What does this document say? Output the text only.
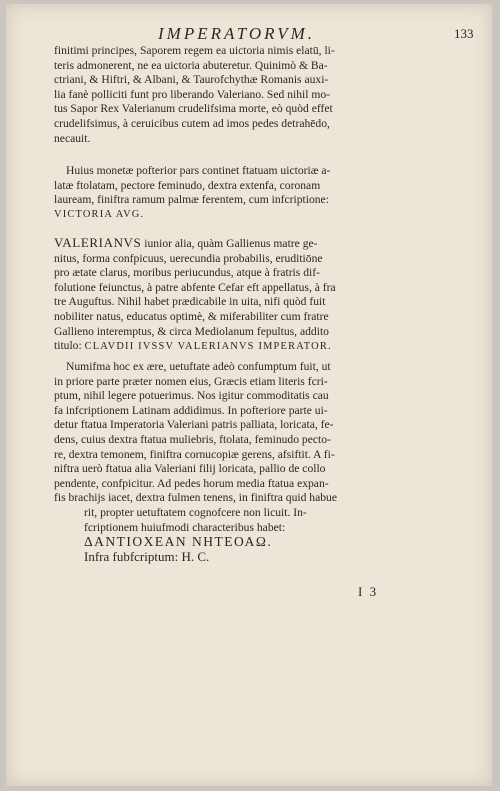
IMPERATORVM.	133
finitimi principes, Saporem regem ea uictoria nimis elatū, li-
teris admonerent, ne ea uictoria abuteretur. Quinimò & Ba-
ctriani, & Hiftri, & Albani, & Taurofchythæ Romanis auxi-
lia fanè polliciti funt pro liberando Valeriano. Sed nihil mo-
tus Sapor Rex Valerianum crudelifsima morte, eò quòd effet
crudelifsimus, à ceruicibus cutem ad imos pedes detrahēdo,
necauit.
Huius monetæ pofterior pars continet ftatuam uictoriæ a-
latæ ftolatam, pectore feminudo, dextra extenfa, coronam
lauream, finiftra ramum palmæ ferentem, cum infcriptione:
VICTORIA AVG.
VALERIANVS iunior alia, quàm Gallienus matre ge-
nitus, forma confpicuus, uerecundia probabilis, eruditiōne
pro ætate clarus, moribus periucundus, atque à fratris dif-
folutione feiunctus, à patre abfente Cefar eft appellatus, à fra
tre Auguftus. Nihil habet prædicabile in uita, nifi quòd fuit
nobiliter natus, educatus optimè, & miferabiliter cum fratre
Gallieno interemptus, & circa Mediolanum fepultus, addito
titulo: CLAVDII IVSSV VALERIANVS IMPERATOR.
Numifma hoc ex ære, uetuftate adeò confumptum fuit, ut
in priore parte præter nomen eius, Græcis etiam literis fcri-
ptum, nihil legere potuerimus. Nos igitur commoditatis cau
fa infcriptionem Latinam addidimus. In pofteriore parte ui-
detur ftatua Imperatoria Valeriani patris palliata, loricata, fe-
dens, cuius dextra ftatua muliebris, ftolata, feminudo pecto-
re, dextra temonem, finiftra cornucopiæ gerens, afsiftit. A fi-
niftra uerò ftatua alia Valeriani filij loricata, pallio de collo
pendente, confpicitur. Ad pedes horum media ftatua expan-
fis brachijs iacet, dextra fulmen tenens, in finiftra quid habue
rit, propter uetuftatem cognofcere non licuit. In-
fcriptionem huiufmodi characteribus habet:
ΔΑΝΤΙΟΧΕΑΝ ΝΗΤΕΟΑΩ.
Infra fubfcriptum: H. C.
I 3
